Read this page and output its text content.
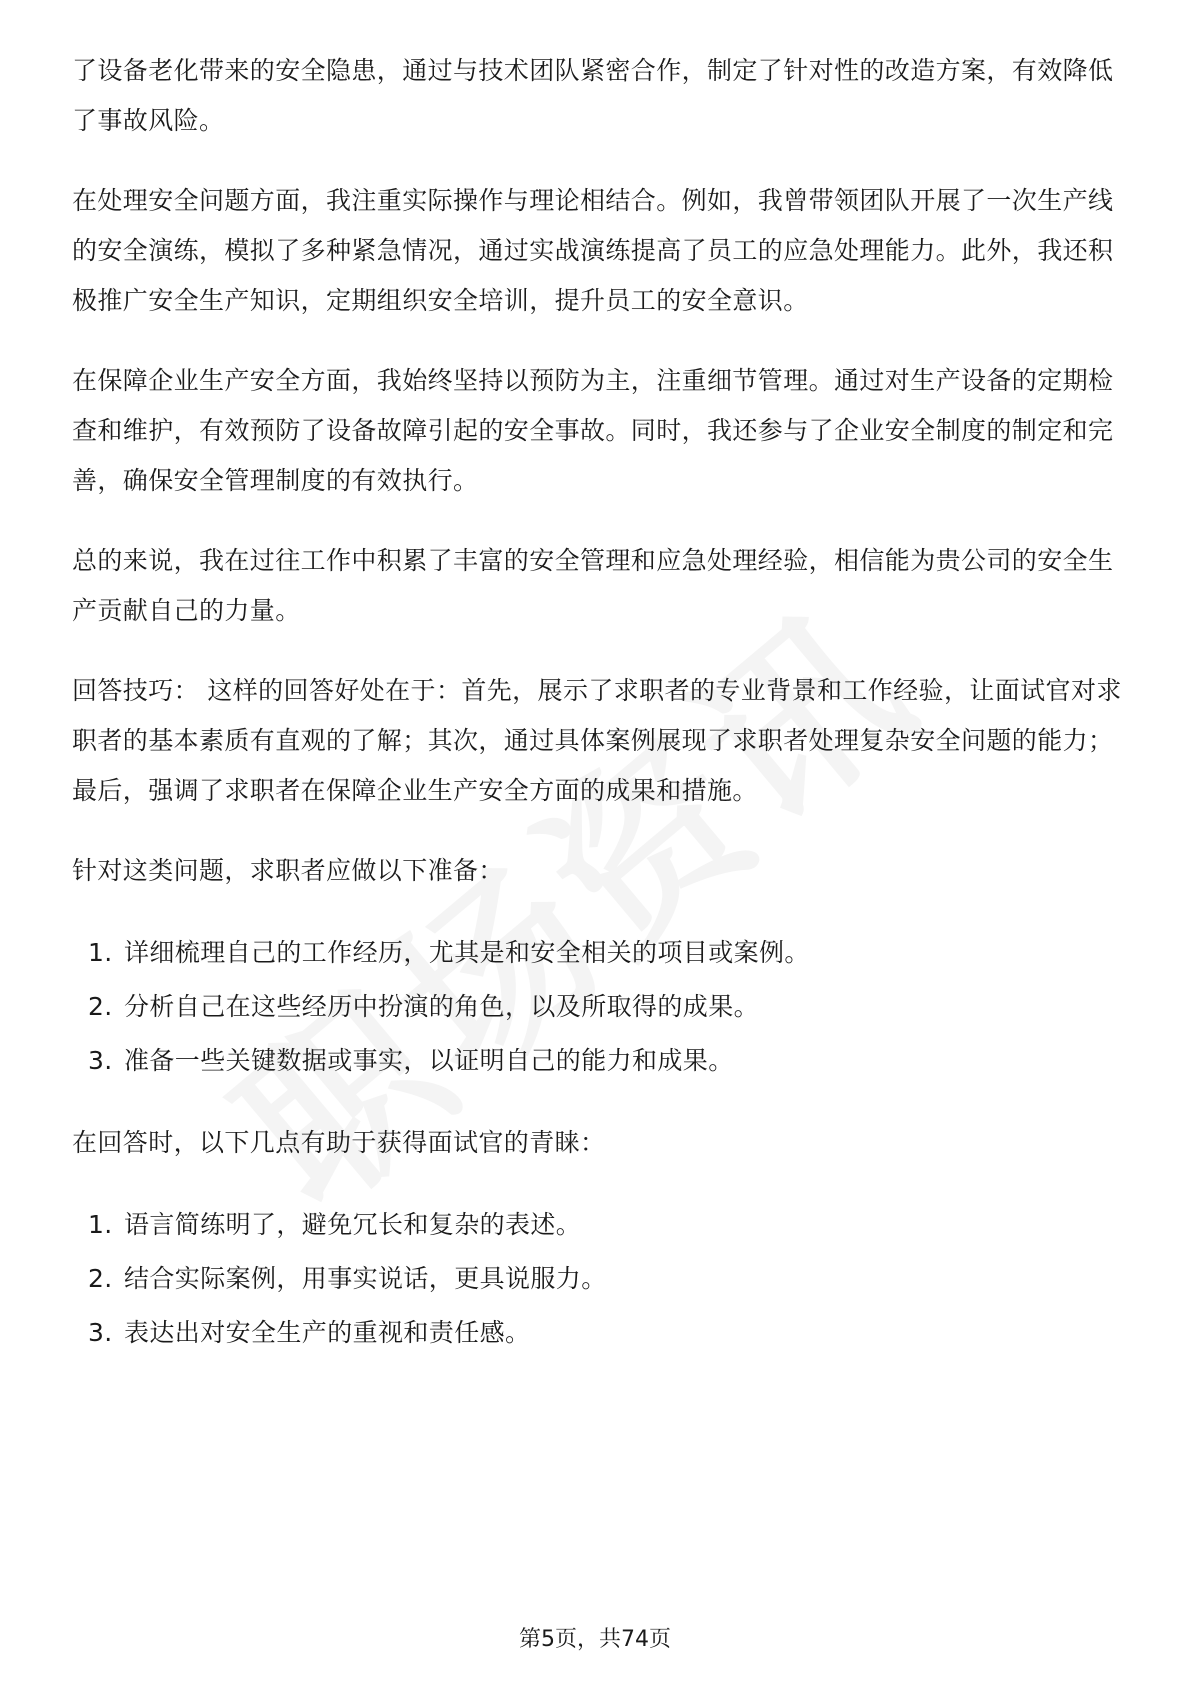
了设备老化带来的安全隐患，通过与技术团队紧密合作，制定了针对性的改造方案，有效降低了事故风险。

在处理安全问题方面，我注重实际操作与理论相结合。例如，我曾带领团队开展了一次生产线的安全演练，模拟了多种紧急情况，通过实战演练提高了员工的应急处理能力。此外，我还积极推广安全生产知识，定期组织安全培训，提升员工的安全意识。

在保障企业生产安全方面，我始终坚持以预防为主，注重细节管理。通过对生产设备的定期检查和维护，有效预防了设备故障引起的安全事故。同时，我还参与了企业安全制度的制定和完善，确保安全管理制度的有效执行。

总的来说，我在过往工作中积累了丰富的安全管理和应急处理经验，相信能为贵公司的安全生产贡献自己的力量。

回答技巧： 这样的回答好处在于：首先，展示了求职者的专业背景和工作经验，让面试官对求职者的基本素质有直观的了解；其次，通过具体案例展现了求职者处理复杂安全问题的能力；最后，强调了求职者在保障企业生产安全方面的成果和措施。

针对这类问题，求职者应做以下准备：

1. 详细梳理自己的工作经历，尤其是和安全相关的项目或案例。
2. 分析自己在这些经历中扮演的角色，以及所取得的成果。
3. 准备一些关键数据或事实，以证明自己的能力和成果。

在回答时，以下几点有助于获得面试官的青睐：

1. 语言简练明了，避免冗长和复杂的表述。
2. 结合实际案例，用事实说话，更具说服力。
3. 表达出对安全生产的重视和责任感。
第5页，共74页
